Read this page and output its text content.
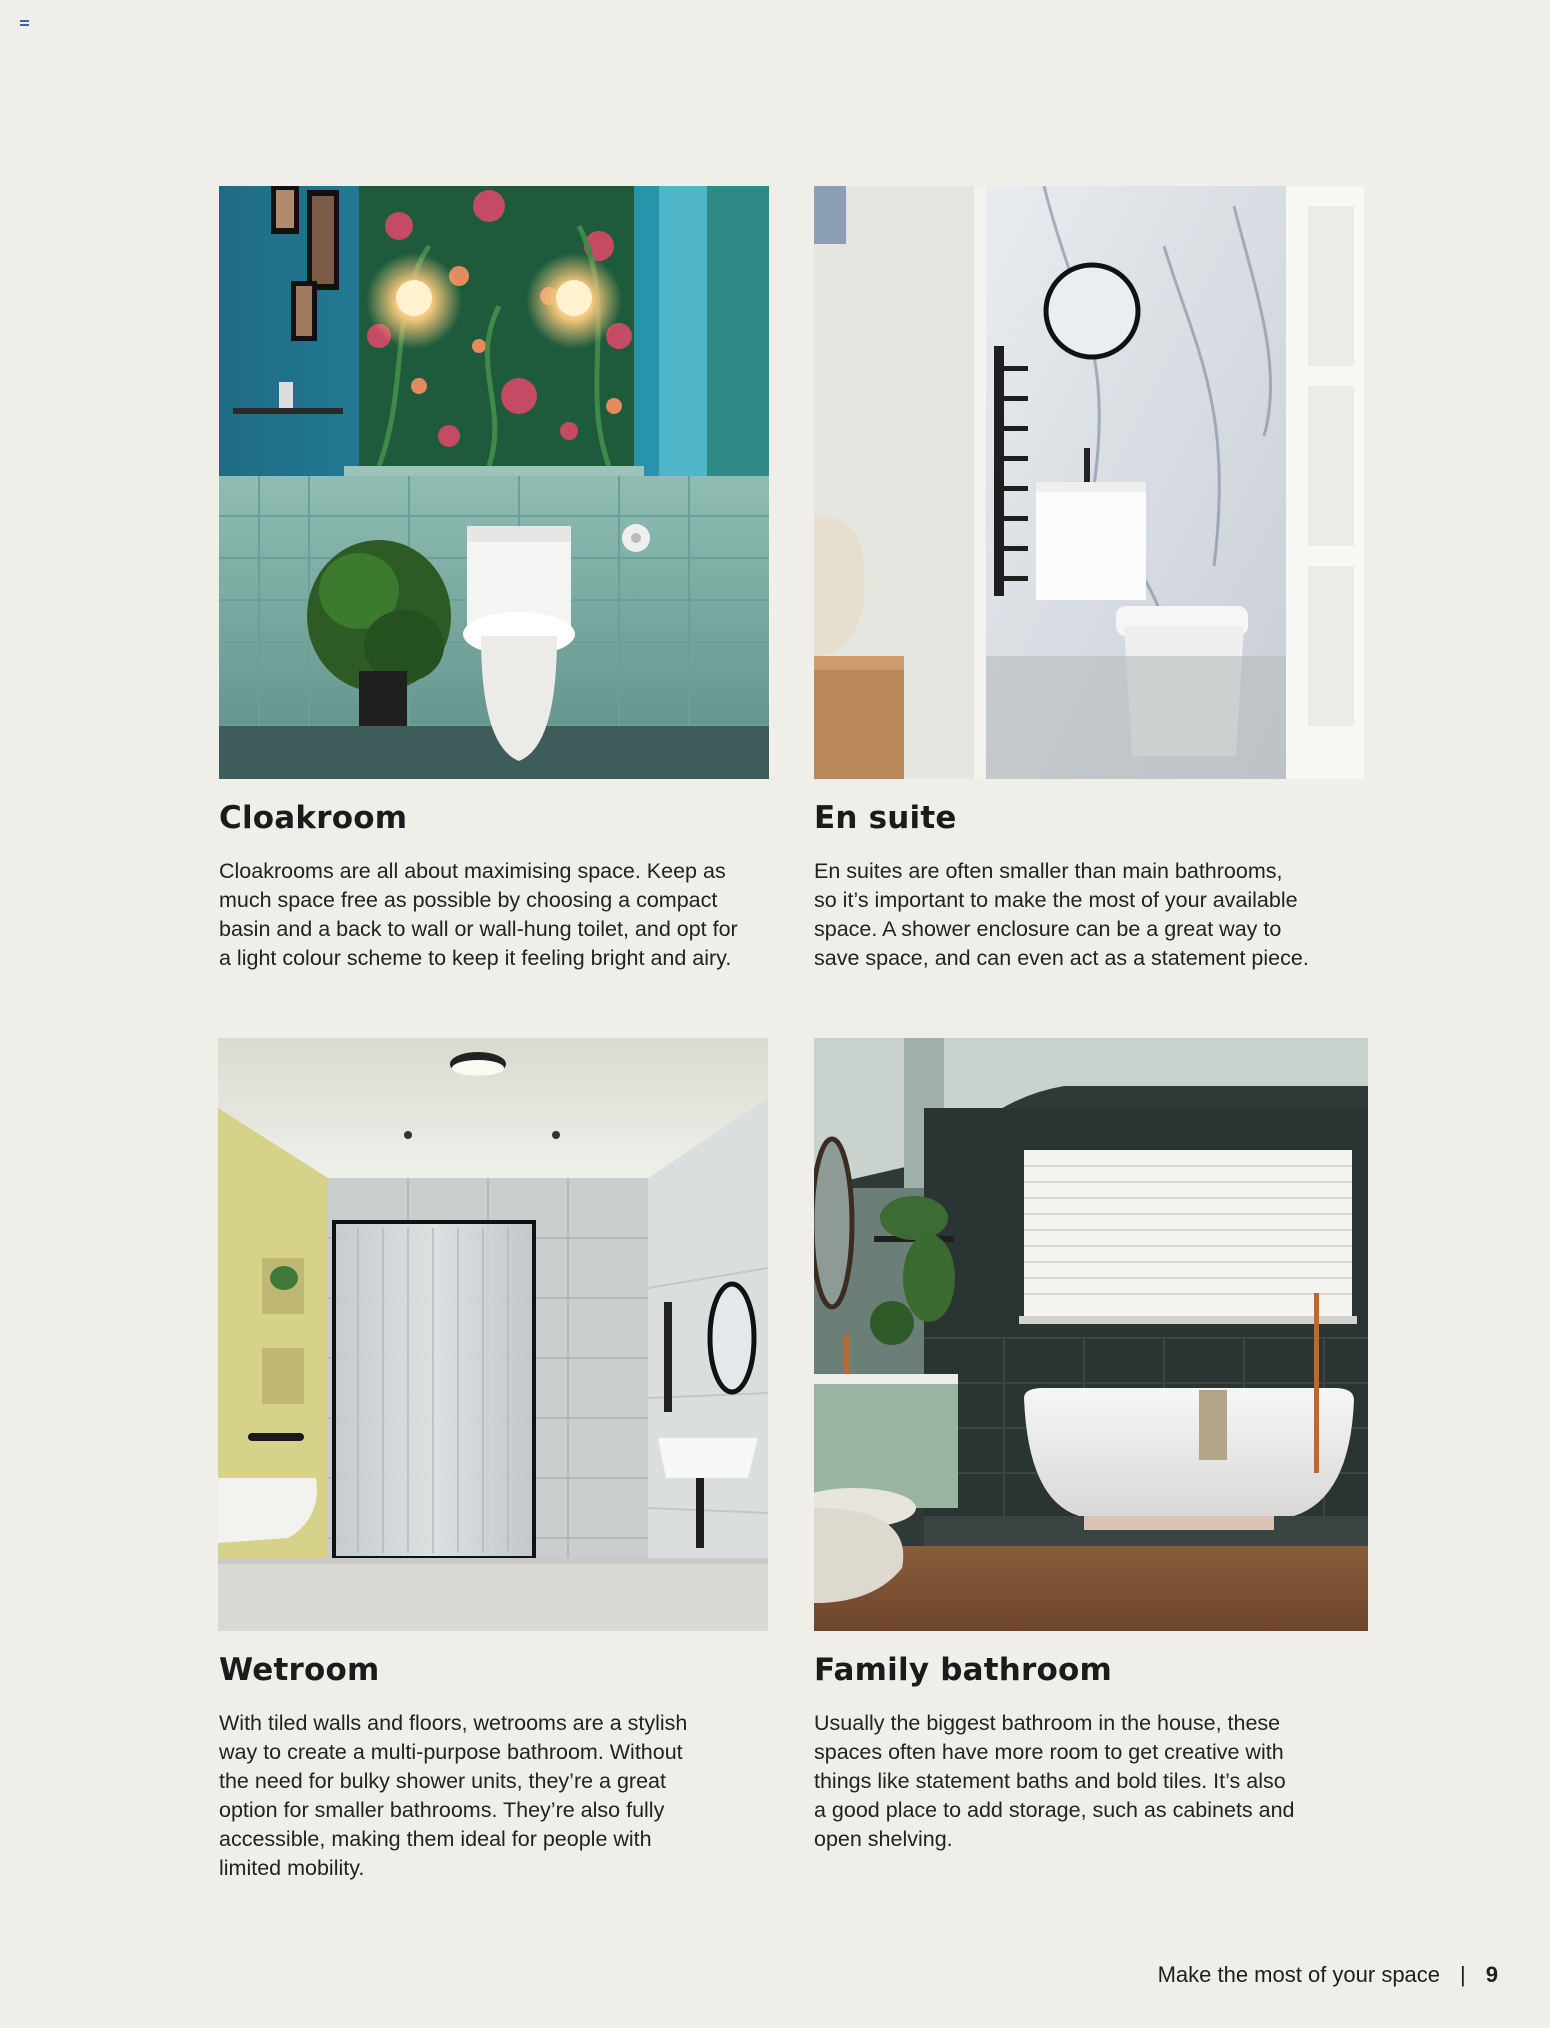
Cloakroom

Cloakrooms are all about maximising space. Keep as
much space free as possible by choosing a compact
basin and a back to wall or wall-hung toilet, and opt for
a light colour scheme to keep it feeling bright and airy.

En suite

En suites are often smaller than main bathrooms,
so it’s important to make the most of your available
space. A shower enclosure can be a great way to
save space, and can even act as a statement piece.

Wetroom

With tiled walls and floors, wetrooms are a stylish
way to create a multi-purpose bathroom. Without
the need for bulky shower units, they’re a great
option for smaller bathrooms. They’re also fully
accessible, making them ideal for people with
limited mobility.

Family bathroom

Usually the biggest bathroom in the house, these
spaces often have more room to get creative with
things like statement baths and bold tiles. It’s also
a good place to add storage, such as cabinets and
open shelving.

Make the most of your space | 9
